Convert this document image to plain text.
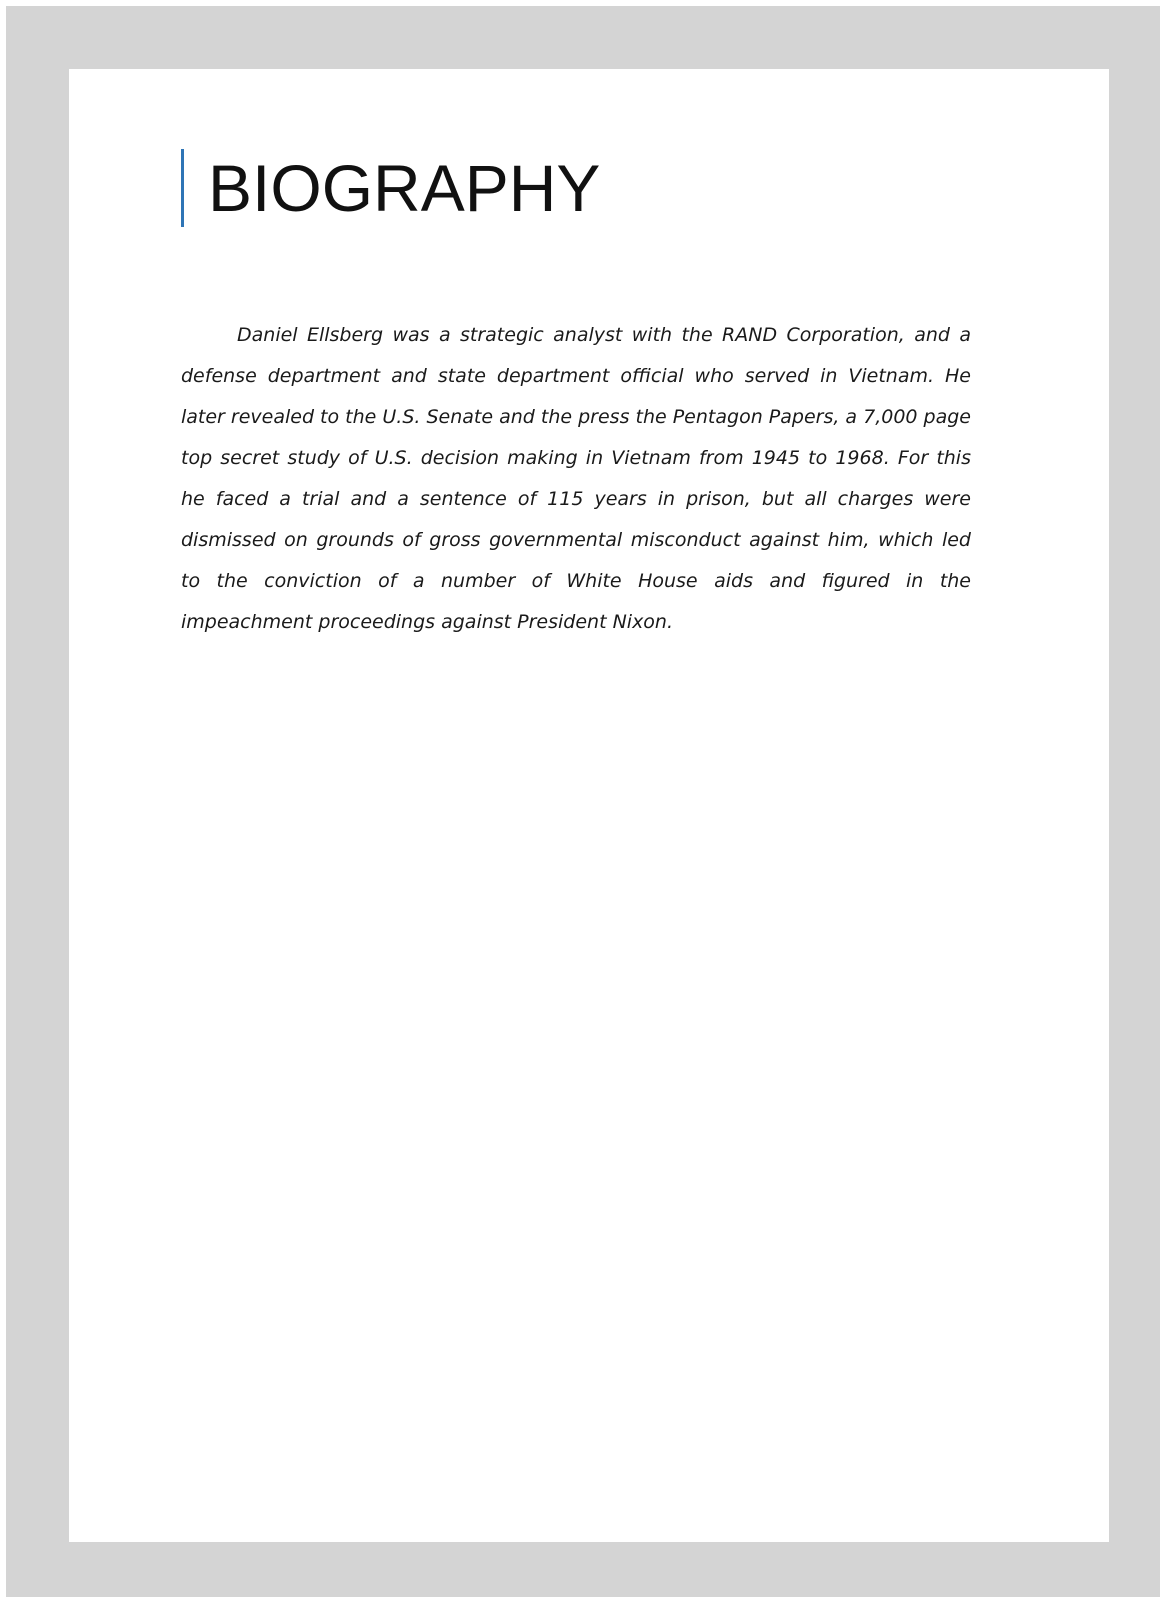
BIOGRAPHY

Daniel Ellsberg was a strategic analyst with the RAND Corporation, and a defense department and state department official who served in Vietnam. He later revealed to the U.S. Senate and the press the Pentagon Papers, a 7,000 page top secret study of U.S. decision making in Vietnam from 1945 to 1968. For this he faced a trial and a sentence of 115 years in prison, but all charges were dismissed on grounds of gross governmental misconduct against him, which led to the conviction of a number of White House aids and figured in the impeachment proceedings against President Nixon.
